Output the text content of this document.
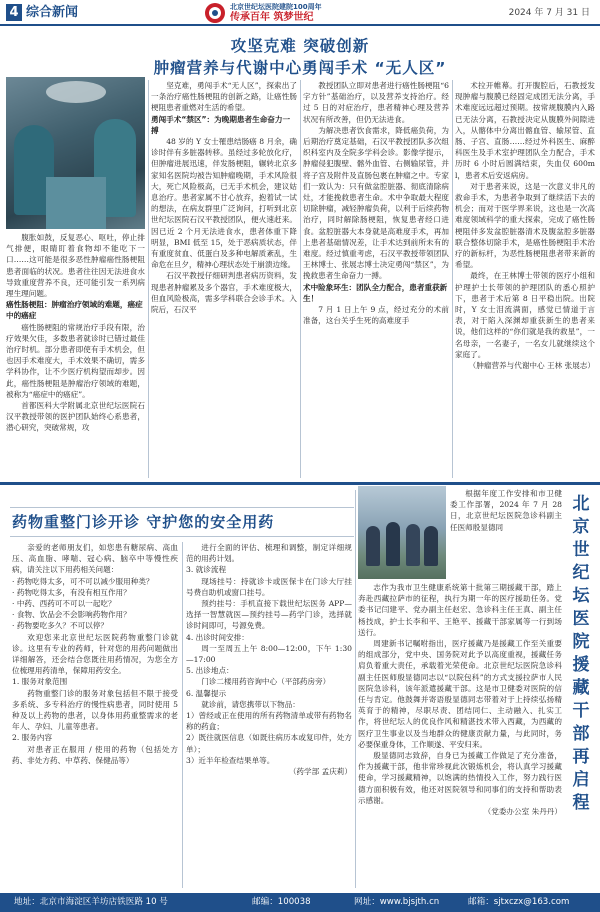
4 综合新闻	北京世纪坛医院建院100周年
传承百年 筑梦世纪	2024 年 7 月 31 日
攻坚克难 突破创新
肿瘤营养与代谢中心勇闯手术 “无人区”

腹胀如鼓，反复恶心、呕吐，停止排气排便，眼睛盯着食物却不能吃下一口……这可能是很多恶性肿瘤癌性肠梗阻患者面临的状况。患者往往因无法进食水导致重度营养不良，还可能引发一系列病理生理问题。

癌性肠梗阻：肿瘤治疗领域的难题，癌症中的癌症

癌性肠梗阻的常规治疗手段有限，治疗效果欠佳，多数患者就诊时已错过最佳治疗时机。部分患者即使有手术机会，但也因手术难度大，手术效果不确切，需多学科协作，让不少医疗机构望而却步。因此，癌性肠梗阻是肿瘤治疗领域的难题，被称为“癌症中的癌症”。

首都医科大学附属北京世纪坛医院石汉平教授带领的医护团队始终心系患者，潜心研究，突破常规，攻

坚克难，勇闯手术“无人区”，探索出了一条治疗癌性肠梗阻的创新之路，让癌性肠梗阻患者重燃对生活的希望。

勇闯手术“禁区”：为晚期患者生命奋力一搏

48 岁的 Y 女士罹患结肠癌 8 月余，确诊时伴有多脏器转移。虽经过多轮放化疗，但肿瘤进展迅速，伴发肠梗阻，辗转北京多家知名医院均被告知肿瘤晚期，手术风险很大，死亡风险极高，已无手术机会，建议姑息治疗。患者家属不甘心放弃，抱着试一试的想法，在病友群里广泛询问，打听到北京世纪坛医院石汉平教授团队，便火速赶来。因已近 2 个月无法进食水，患者体重下降明显，BMI 低至 15，处于恶病质状态，伴有重度贫血、低蛋白及多种电解质紊乱，生命危在旦夕，精神心理状态处于崩溃边缘。

石汉平教授仔细研判患者病历资料，发现患者肿瘤累及多个器官，手术难度极大，但血风险极高，需多学科联合会诊手术。入院后，石汉平

教授团队立即对患者进行癌性肠梗阻“6 字方针”基础治疗，以及营养支持治疗。经过 5 日的对症治疗，患者精神心理及营养状况有所改善，但仍无法进食。

为解决患者饮食需求，降低癌负荷，为后期治疗奠定基础，石汉平教授团队多次组织科室内及全院多学科会诊。影像学提示，肿瘤侵犯腹壁、髂外血管、右侧输尿管，并将子宫及附件及直肠包裹在肿瘤之中。专家们一致认为：只有做盆腔脏器、彻底清除病灶，才能挽救患者生命。术中争取最大程度切除肿瘤，减轻肿瘤负荷，以利于后续药物治疗，同时解除肠梗阻，恢复患者经口进食。盆腔脏器大本身就是高难度手术，再加上患者基础情况差，让手术达到前所未有的难度。经过慎重考虑，石汉平教授带领团队王林博士、张展志博士决定勇闯“禁区”，为挽救患者生命奋力一搏。

术中险象环生：团队全力配合，患者重获新生！

7 月 1 日上午 9 点，经过充分的术前准备，这台关乎生死的高难度手

术拉开帷幕。打开腹腔后，石教授发现肿瘤与腹膜已经固定成团无法分离，手术难度远远超过预期。按常规腹膜内入路已无法分离，石教授决定从腹膜外间隙进入，从髂体中分离出髂血管、输尿管、直肠、子宫、直肠……经过外科医生、麻醉科医生及手术室护理团队全力配合，手术历时 6 小时后圆满结束，失血仅 600ml，患者术后安返病房。

对于患者来说，这是一次意义非凡的救命手术，为患者争取到了继续活下去的机会；而对于医学界来说，这也是一次高难度领域科学的重大探索，完成了癌性肠梗阻伴多发盆腔脏器清术及腹盆腔多脏器联合整体切除手术，是癌性肠梗阻手术治疗的新标杆，为恶性肠梗阻患者带来新的希望。

最终，在王林博士带领的医疗小组和护理护士长带领的护理团队的悉心照护下，患者于术后第 8 日平稳出院。出院时，Y 女士泪流满面，感觉已情道于言表，对于陷入深渊却重获新生的患者来说，他们这样的“你们就是我的救星”，一名母亲，一名妻子，一名女儿就继续这个家庭了。

（肿瘤营养与代谢中心 王林 张展志）

药物重整门诊开诊 守护您的安全用药

亲爱的老师朋友们，如您患有糖尿病、高血压、高血脂、哮喘、冠心病、脑卒中等慢性疾病，请关注以下用药相关问题：

· 药物吃得太多，可不可以减少服用种类？

· 药物吃得太多，有没有相互作用？

· 中药、西药可不可以一起吃？

· 食物、饮品会不会影响药物作用？

· 药物要吃多久？不可以停？

欢迎您来北京世纪坛医院药物重整门诊就诊。这里有专业的药师，针对您的用药问题做出详细解答，还会结合您既往用药情况，为您全方位梳理用药清单，保障用药安全。

1. 服务对象范围

药物重整门诊的服务对象包括但不限于接受多系统、多专科治疗的慢性病患者，同时使用 5 种及以上药物的患者，以身体用药重整需求的老年人、孕妇、儿童等患者。

2. 服务内容

对患者正在服用 / 使用的药物（包括处方药、非处方药、中草药、保健品等）

进行全面的评估、梳理和调整，制定详细规范的用药计划。

3. 就诊流程

现场挂号：持就诊卡或医保卡在门诊大厅挂号费自助机或窗口挂号。

预约挂号：手机直接下载世纪坛医务 APP—选择一智慧就医—预约挂号—药学门诊，选择就诊时间即可，号源免费。

4. 出诊时间安排：

周一至周五上午 8:00—12:00，下午 1:30—17:00

5. 出诊地点：

门诊二楼用药咨询中心（平部药房旁）

6. 温馨提示

就诊前，请您携带以下物品：

1）曾经或正在使用的所有药物清单或带有药物名称的药盒；

2）既往就医信息（如既往病历本或复印件，处方单）；

3）近半年检查结果单等。

（药学部 孟庆莉）

根据年度工作安排和市卫健委工作部署，2024 年 7 月 28 日，北京世纪坛医院急诊科副主任医师殷显德同

志作为我市卫生健康系统第十批第三期援藏干部，踏上奔赴西藏拉萨市的征程，执行为期一年的医疗援助任务。党委书记闫建平、党办副主任赵宏、急诊科主任王真、副主任杨技成，护士长李和平、王艳平、援藏干部家属等一行到场送行。

周建新书记嘱咐指出，医疗援藏乃是援藏工作至关重要的组成部分，党中央、国务院对此予以高度重视，援藏任务肩负着重大责任，承载着光荣使命。北京世纪坛医院急诊科副主任医师殷显德同志以“以院包科”的方式支援拉萨市人民医院急诊科，该年派遣援藏干部。这是市卫健委对医院的信任与肯定。他鼓舞并寄语殷显德同志带着对于上持续弘扬精英育于的精神，尽职尽责、团结同仁、主动融入、扎实工作，将世纪坛人的优良作风和精湛技术带入西藏，为西藏的医疗卫生事业以及当地群众的健康贡献力量，与此同时，务必要保重身体，工作顺遂、平安归来。

殷显德同志致辞，自身已为援藏工作做足了充分准备，作为援藏干部，他非常珍视此次锻炼机会，将认真学习援藏使命，学习援藏精神，以饱满的热情投入工作，努力践行医德方面积极有效，他还对医院领导和同事们的支持和帮助表示感谢。

（党委办公室 朱丹丹）

北京世纪坛医院援藏干部再启程
地址：北京市海淀区羊坊店铁医路 10 号	邮编：100038	网址：www.bjsjth.cn	邮箱：sjtxczx@163.com
